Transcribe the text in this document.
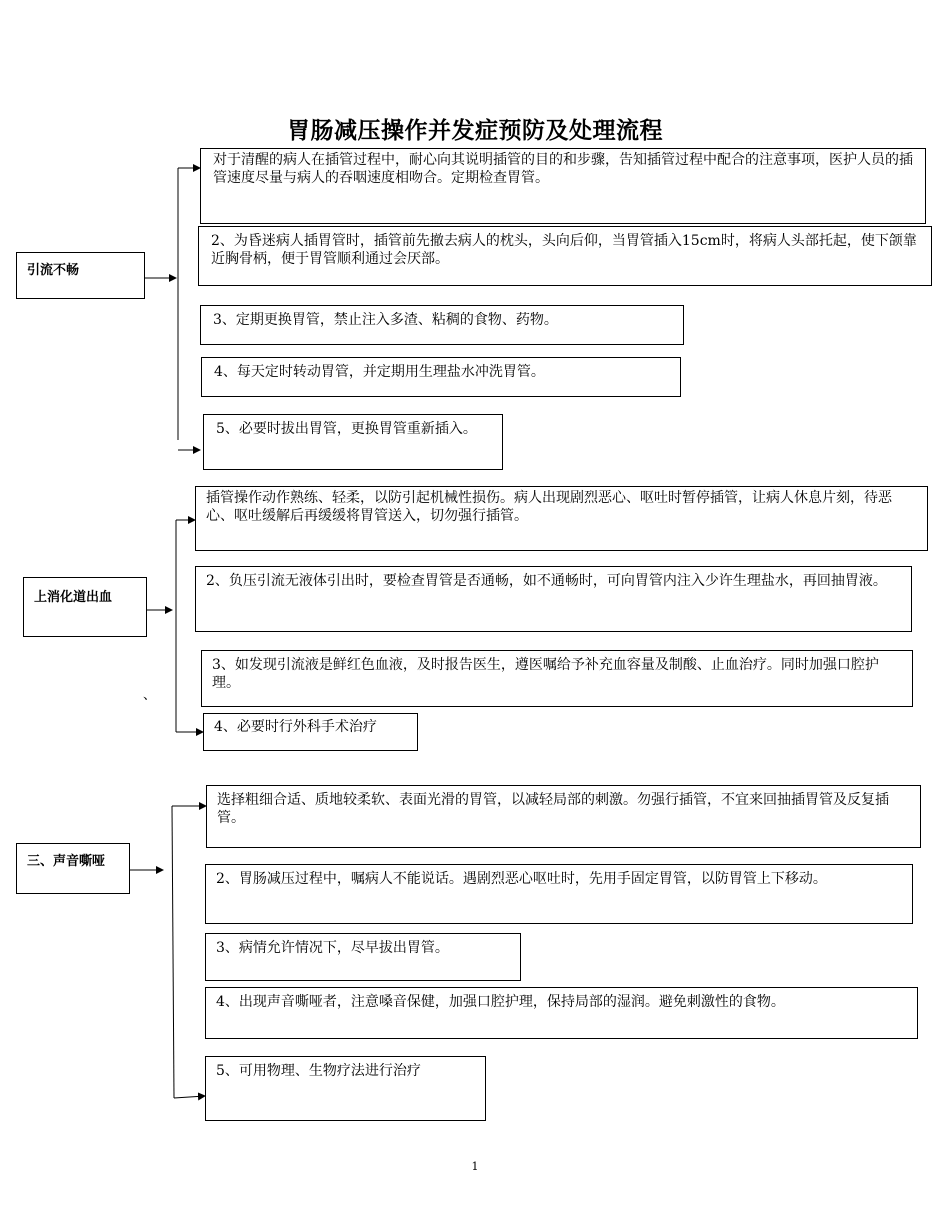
胃肠减压操作并发症预防及处理流程
引流不畅
对于清醒的病人在插管过程中，耐心向其说明插管的目的和步骤，告知插管过程中配合的注意事项，医护人员的插管速度尽量与病人的吞咽速度相吻合。定期检查胃管。
2、为昏迷病人插胃管时，插管前先撤去病人的枕头，头向后仰，当胃管插入15cm时，将病人头部托起，使下颌靠近胸骨柄，便于胃管顺利通过会厌部。
3、定期更换胃管，禁止注入多渣、粘稠的食物、药物。
4、每天定时转动胃管，并定期用生理盐水冲洗胃管。
5、必要时拔出胃管，更换胃管重新插入。
上消化道出血
插管操作动作熟练、轻柔，以防引起机械性损伤。病人出现剧烈恶心、呕吐时暂停插管，让病人休息片刻，待恶心、呕吐缓解后再缓缓将胃管送入，切勿强行插管。
2、负压引流无液体引出时，要检查胃管是否通畅，如不通畅时，可向胃管内注入少许生理盐水，再回抽胃液。
3、如发现引流液是鲜红色血液，及时报告医生，遵医嘱给予补充血容量及制酸、止血治疗。同时加强口腔护理。
、
4、必要时行外科手术治疗
三、声音嘶哑
选择粗细合适、质地较柔软、表面光滑的胃管，以减轻局部的刺激。勿强行插管，不宜来回抽插胃管及反复插管。
2、胃肠减压过程中，嘱病人不能说话。遇剧烈恶心呕吐时，先用手固定胃管，以防胃管上下移动。
3、病情允许情况下，尽早拔出胃管。
4、出现声音嘶哑者，注意嗓音保健，加强口腔护理，保持局部的湿润。避免刺激性的食物。
5、可用物理、生物疗法进行治疗
1
